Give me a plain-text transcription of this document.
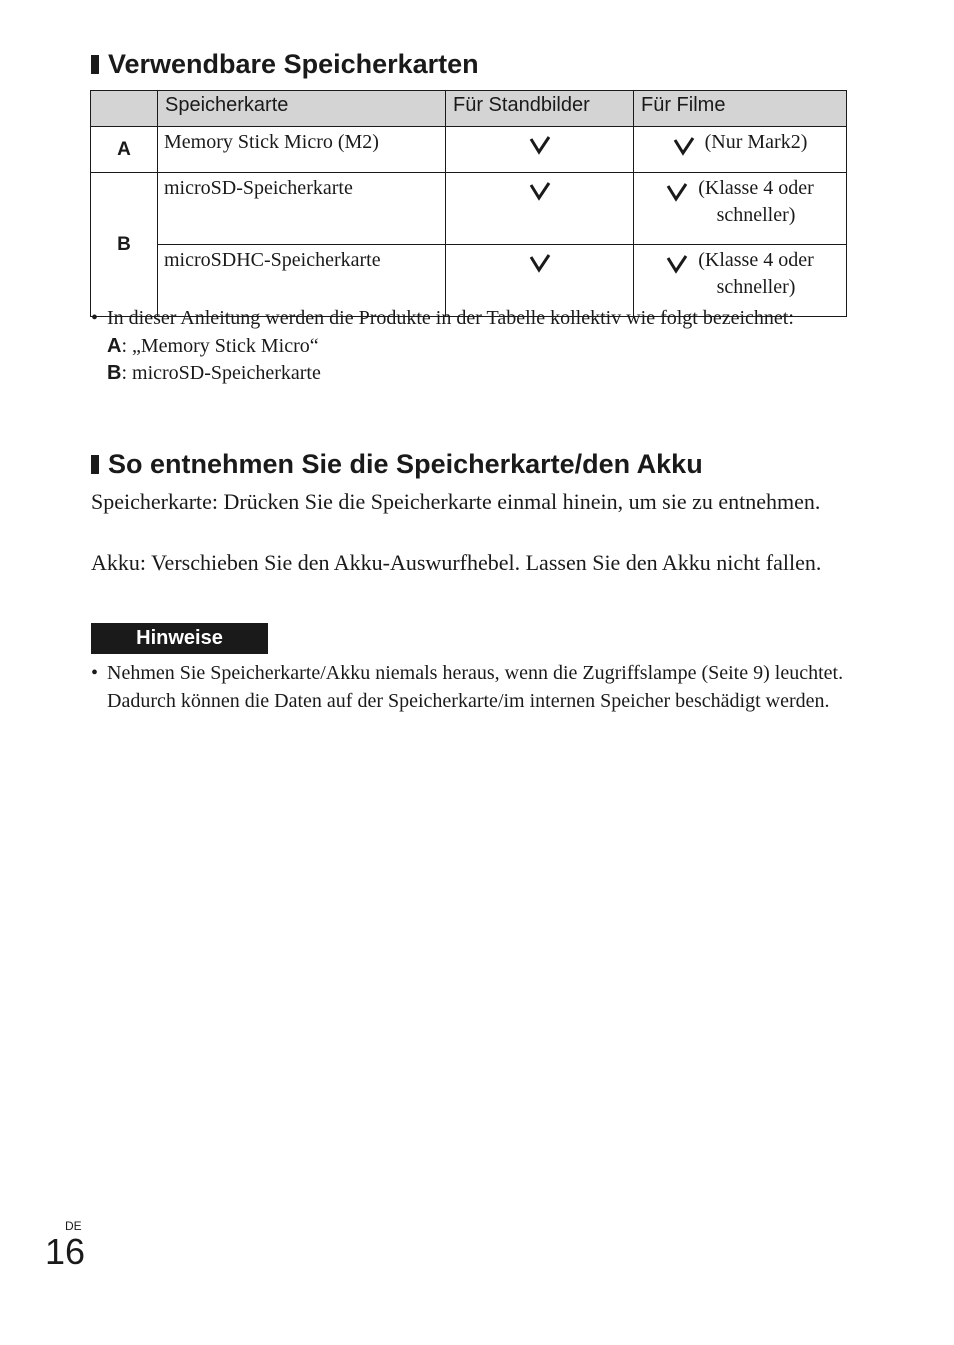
Verwendbare Speicherkarten
	Speicherkarte	Für Standbilder	Für Filme
A	Memory Stick Micro (M2)		(Nur Mark2)

B	microSD-Speicherkarte		(Klasse 4 oder
schneller)

	microSDHC-Speicherkarte		(Klasse 4 oder
schneller)
• In dieser Anleitung werden die Produkte in der Tabelle kollektiv wie folgt bezeichnet:
A: „Memory Stick Micro“
B: microSD-Speicherkarte
So entnehmen Sie die Speicherkarte/den Akku

Speicherkarte: Drücken Sie die Speicherkarte einmal hinein, um sie zu entnehmen.

Akku: Verschieben Sie den Akku-Auswurfhebel. Lassen Sie den Akku nicht fallen.

Hinweise
• Nehmen Sie Speicherkarte/Akku niemals heraus, wenn die Zugriffslampe (Seite 9) leuchtet. Dadurch können die Daten auf der Speicherkarte/im internen Speicher beschädigt werden.
DE
16
